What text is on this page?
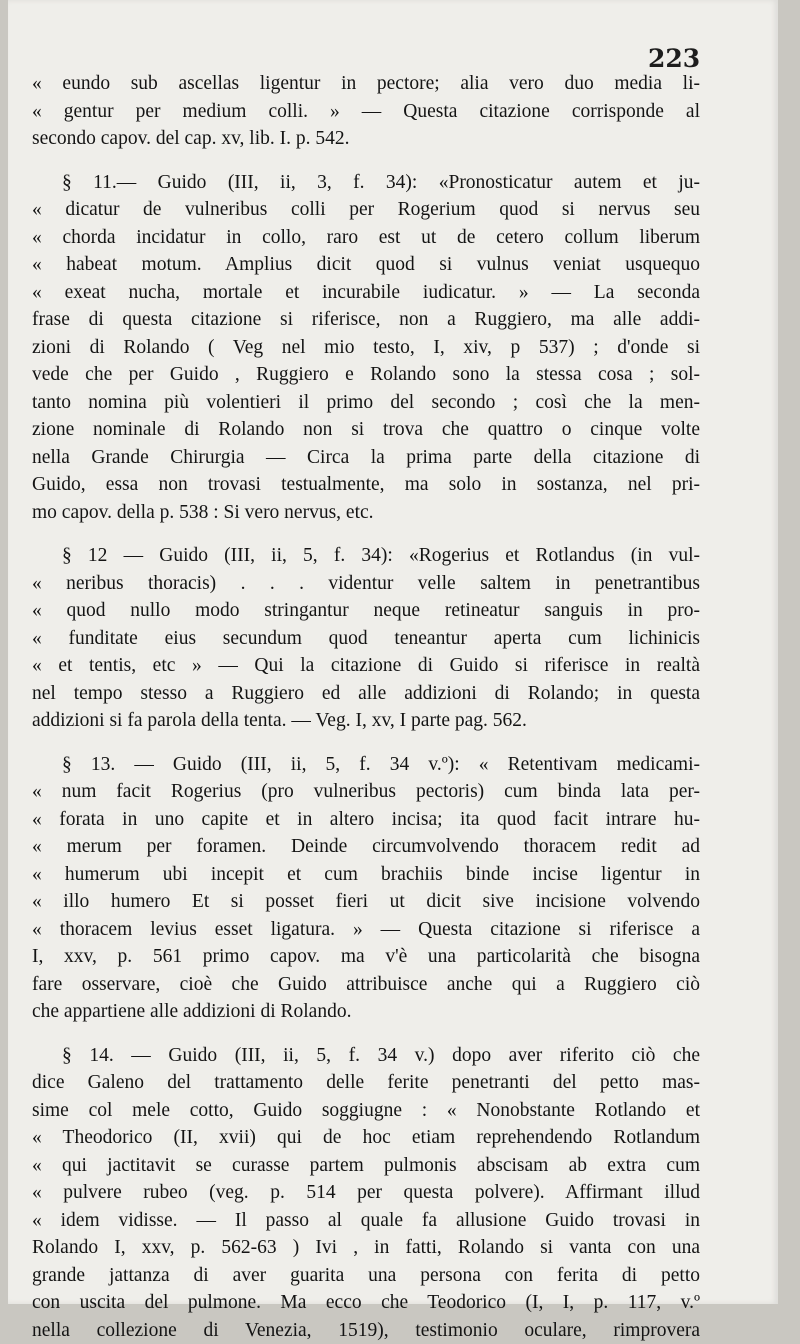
223
« eundo sub ascellas ligentur in pectore; alia vero duo media li-
« gentur per medium colli. » — Questa citazione corrisponde al
secondo capov. del cap. xv, lib. I. p. 542.
§ 11.— Guido (III, ii, 3, f. 34): «Pronosticatur autem et ju-
« dicatur de vulneribus colli per Rogerium quod si nervus seu
« chorda incidatur in collo, raro est ut de cetero collum liberum
« habeat motum. Amplius dicit quod si vulnus veniat usquequo
« exeat nucha, mortale et incurabile iudicatur. » — La seconda
frase di questa citazione si riferisce, non a Ruggiero, ma alle addi-
zioni di Rolando ( Veg nel mio testo, I, xiv, p 537) ; d'onde si
vede che per Guido , Ruggiero e Rolando sono la stessa cosa ; sol-
tanto nomina più volentieri il primo del secondo ; così che la men-
zione nominale di Rolando non si trova che quattro o cinque volte
nella Grande Chirurgia — Circa la prima parte della citazione di
Guido, essa non trovasi testualmente, ma solo in sostanza, nel pri-
mo capov. della p. 538 : Si vero nervus, etc.
§ 12 — Guido (III, ii, 5, f. 34): «Rogerius et Rotlandus (in vul-
« neribus thoracis) . . . videntur velle saltem in penetrantibus
« quod nullo modo stringantur neque retineatur sanguis in pro-
« funditate eius secundum quod teneantur aperta cum lichinicis
« et tentis, etc » — Qui la citazione di Guido si riferisce in realtà
nel tempo stesso a Ruggiero ed alle addizioni di Rolando; in questa
addizioni si fa parola della tenta. — Veg. I, xv, I parte pag. 562.
§ 13. — Guido (III, ii, 5, f. 34 v.º): « Retentivam medicami-
« num facit Rogerius (pro vulneribus pectoris) cum binda lata per-
« forata in uno capite et in altero incisa; ita quod facit intrare hu-
« merum per foramen. Deinde circumvolvendo thoracem redit ad
« humerum ubi incepit et cum brachiis binde incise ligentur in
« illo humero Et si posset fieri ut dicit sive incisione volvendo
« thoracem levius esset ligatura. » — Questa citazione si riferisce a
I, xxv, p. 561 primo capov. ma v'è una particolarità che bisogna
fare osservare, cioè che Guido attribuisce anche qui a Ruggiero ciò
che appartiene alle addizioni di Rolando.
§ 14. — Guido (III, ii, 5, f. 34 v.) dopo aver riferito ciò che
dice Galeno del trattamento delle ferite penetranti del petto mas-
sime col mele cotto, Guido soggiugne : « Nonobstante Rotlando et
« Theodorico (II, xvii) qui de hoc etiam reprehendendo Rotlandum
« qui jactitavit se curasse partem pulmonis abscisam ab extra cum
« pulvere rubeo (veg. p. 514 per questa polvere). Affirmant illud
« idem vidisse. — Il passo al quale fa allusione Guido trovasi in
Rolando I, xxv, p. 562-63 ) Ivi , in fatti, Rolando si vanta con una
grande jattanza di aver guarita una persona con ferita di petto
con uscita del pulmone. Ma ecco che Teodorico (I, I, p. 117, v.º
nella collezione di Venezia, 1519), testimonio oculare, rimprovera
